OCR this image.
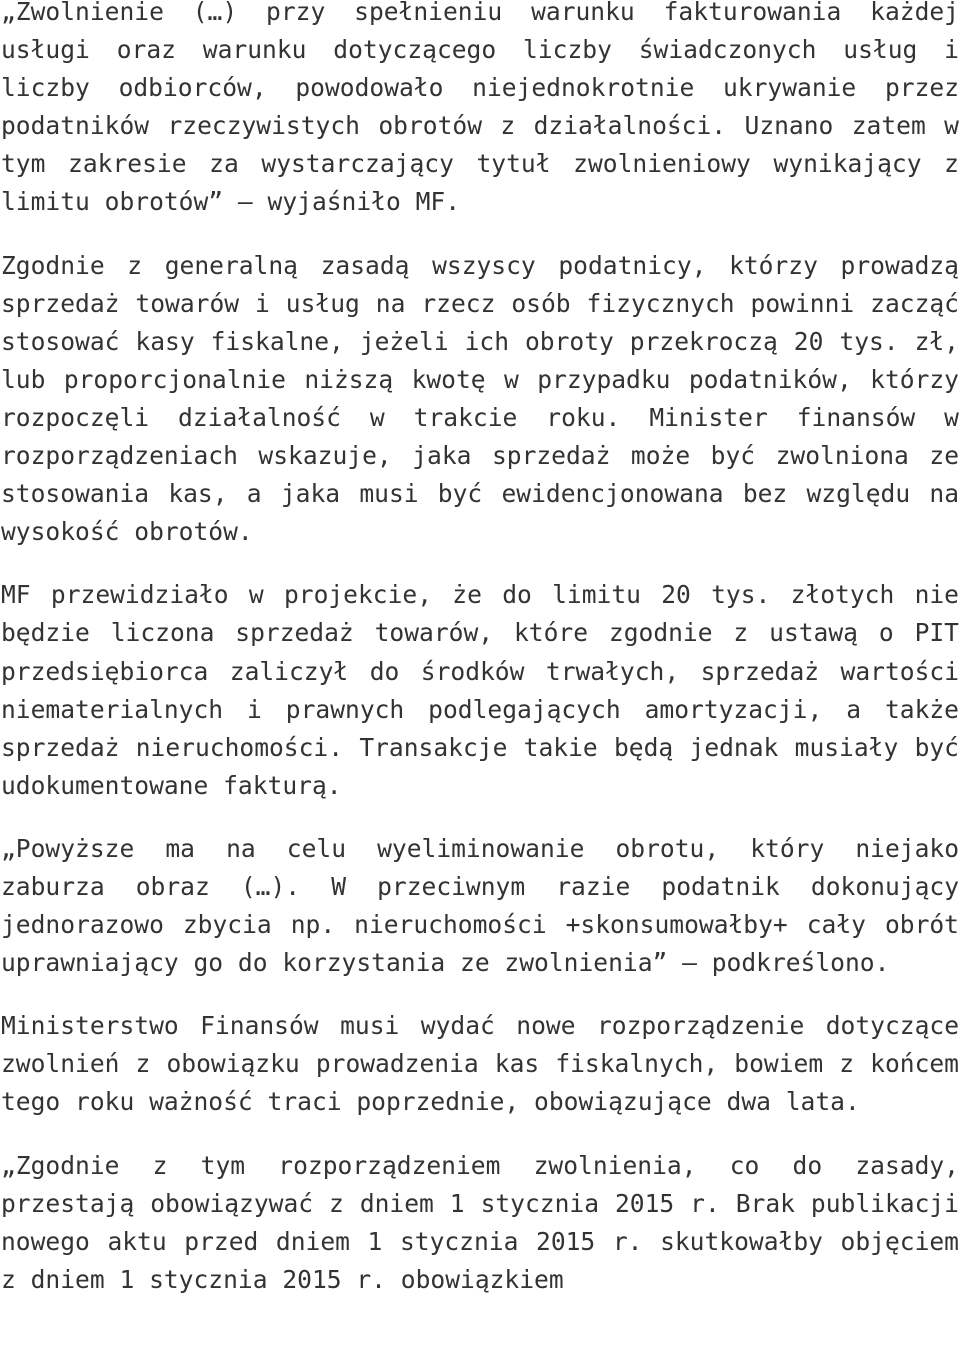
„Zwolnienie (…) przy spełnieniu warunku fakturowania każdej usługi oraz warunku dotyczącego liczby świadczonych usług i liczby odbiorców, powodowało niejednokrotnie ukrywanie przez podatników rzeczywistych obrotów z działalności. Uznano zatem w tym zakresie za wystarczający tytuł zwolnieniowy wynikający z limitu obrotów” – wyjaśniło MF.

Zgodnie z generalną zasadą wszyscy podatnicy, którzy prowadzą sprzedaż towarów i usług na rzecz osób fizycznych powinni zacząć stosować kasy fiskalne, jeżeli ich obroty przekroczą 20 tys. zł, lub proporcjonalnie niższą kwotę w przypadku podatników, którzy rozpoczęli działalność w trakcie roku. Minister finansów w rozporządzeniach wskazuje, jaka sprzedaż może być zwolniona ze stosowania kas, a jaka musi być ewidencjonowana bez względu na wysokość obrotów.

MF przewidziało w projekcie, że do limitu 20 tys. złotych nie będzie liczona sprzedaż towarów, które zgodnie z ustawą o PIT przedsiębiorca zaliczył do środków trwałych, sprzedaż wartości niematerialnych i prawnych podlegających amortyzacji, a także sprzedaż nieruchomości. Transakcje takie będą jednak musiały być udokumentowane fakturą.

„Powyższe ma na celu wyeliminowanie obrotu, który niejako zaburza obraz (…). W przeciwnym razie podatnik dokonujący jednorazowo zbycia np. nieruchomości +skonsumowałby+ cały obrót uprawniający go do korzystania ze zwolnienia” – podkreślono.

Ministerstwo Finansów musi wydać nowe rozporządzenie dotyczące zwolnień z obowiązku prowadzenia kas fiskalnych, bowiem z końcem tego roku ważność traci poprzednie, obowiązujące dwa lata.

„Zgodnie z tym rozporządzeniem zwolnienia, co do zasady, przestają obowiązywać z dniem 1 stycznia 2015 r. Brak publikacji nowego aktu przed dniem 1 stycznia 2015 r. skutkowałby objęciem z dniem 1 stycznia 2015 r. obowiązkiem
